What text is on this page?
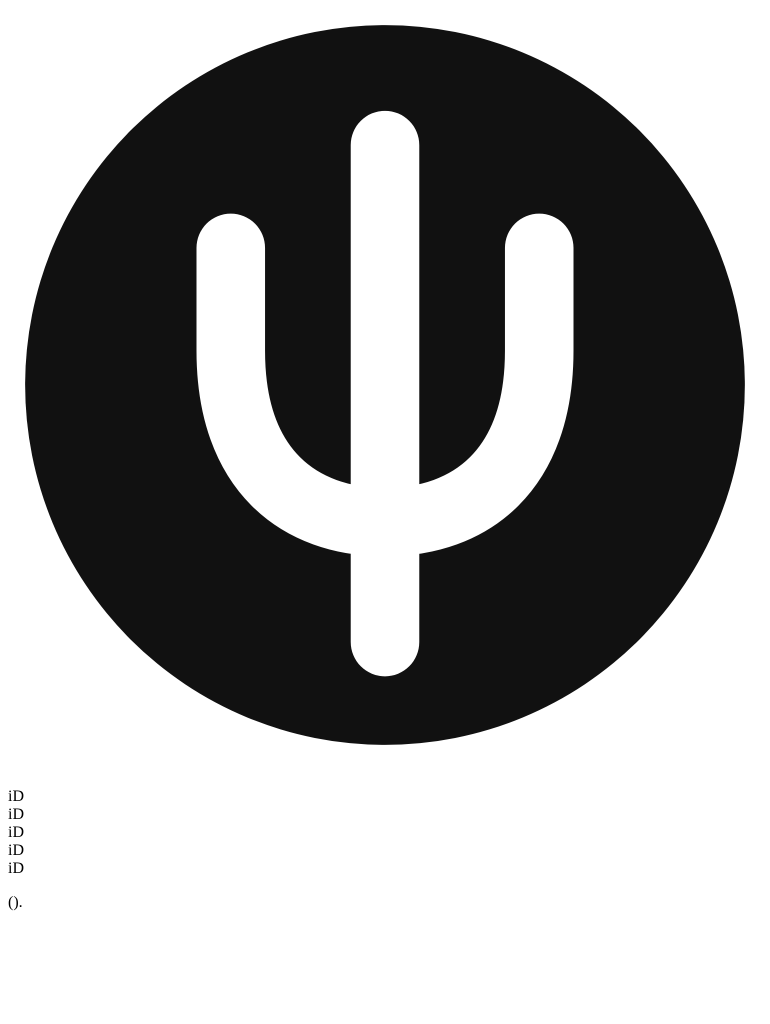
iD
iD
iD
iD
iD

().
